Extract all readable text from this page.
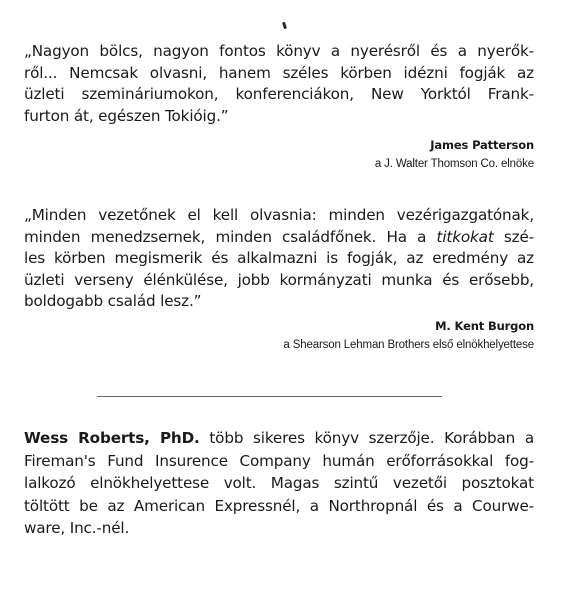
„Nagyon bölcs, nagyon fontos könyv a nyerésről és a nyerők-
ről... Nemcsak olvasni, hanem széles körben idézni fogják az
üzleti szemináriumokon, konferenciákon, New Yorktól Frank-
furton át, egészen Tokióig.”

James Patterson
a J. Walter Thomson Co. elnöke

„Minden vezetőnek el kell olvasnia: minden vezérigazgatónak,
minden menedzsernek, minden családfőnek. Ha a titkokat szé-
les körben megismerik és alkalmazni is fogják, az eredmény az
üzleti verseny élénkülése, jobb kormányzati munka és erősebb,
boldogabb család lesz.”

M. Kent Burgon
a Shearson Lehman Brothers első elnökhelyettese

Wess Roberts, PhD. több sikeres könyv szerzője. Korábban a
Fireman's Fund Insurence Company humán erőforrásokkal fog-
lalkozó elnökhelyettese volt. Magas szintű vezetői posztokat
töltött be az American Expressnél, a Northropnál és a Courwe-
ware, Inc.-nél.
